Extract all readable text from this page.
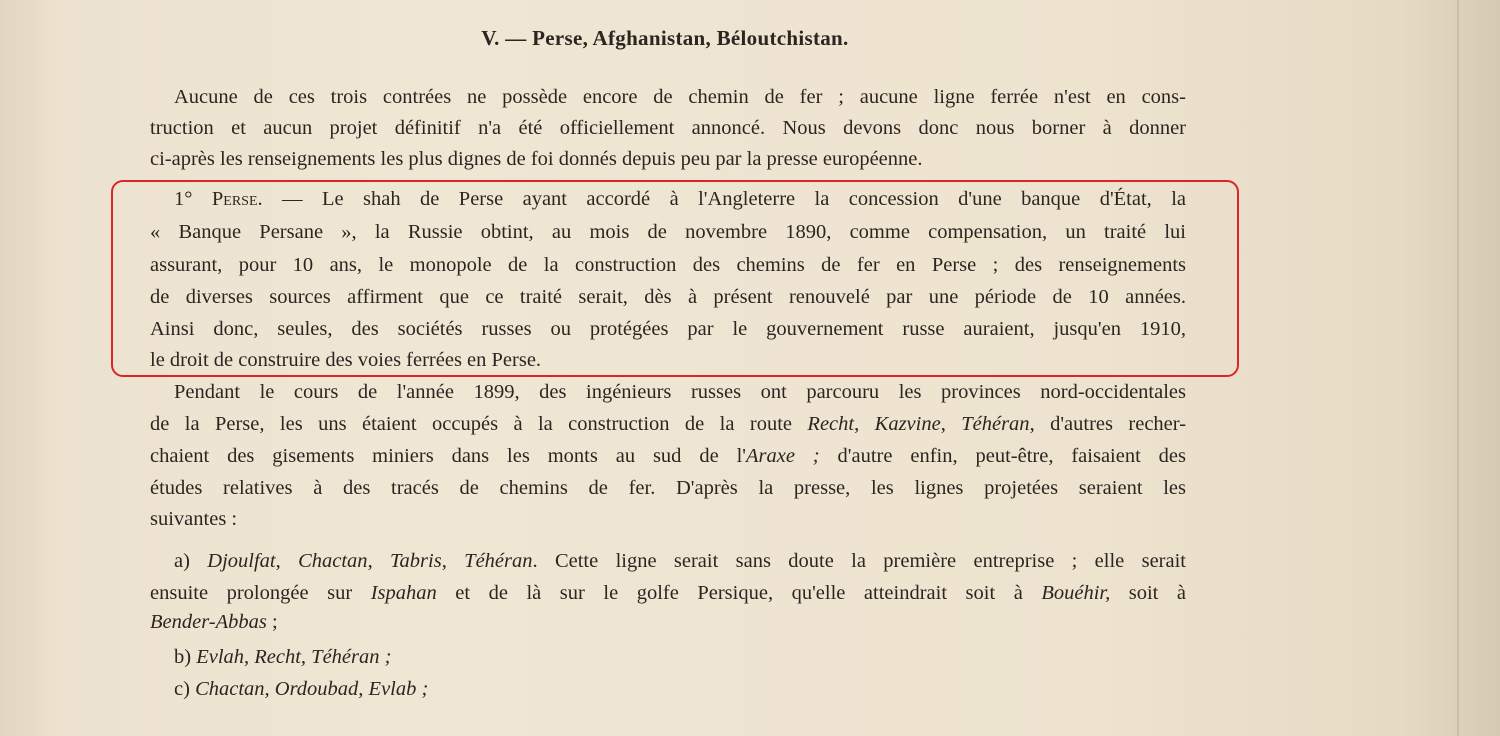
V. — Perse, Afghanistan, Béloutchistan.
Aucune de ces trois contrées ne possède encore de chemin de fer ; aucune ligne ferrée n'est en cons-
truction et aucun projet définitif n'a été officiellement annoncé. Nous devons donc nous borner à donner
ci-après les renseignements les plus dignes de foi donnés depuis peu par la presse européenne.
1° Perse. — Le shah de Perse ayant accordé à l'Angleterre la concession d'une banque d'État, la
« Banque Persane », la Russie obtint, au mois de novembre 1890, comme compensation, un traité lui
assurant, pour 10 ans, le monopole de la construction des chemins de fer en Perse ; des renseignements
de diverses sources affirment que ce traité serait, dès à présent renouvelé par une période de 10 années.
Ainsi donc, seules, des sociétés russes ou protégées par le gouvernement russe auraient, jusqu'en 1910,
le droit de construire des voies ferrées en Perse.
Pendant le cours de l'année 1899, des ingénieurs russes ont parcouru les provinces nord-occidentales
de la Perse, les uns étaient occupés à la construction de la route Recht, Kazvine, Téhéran, d'autres recher-
chaient des gisements miniers dans les monts au sud de l'Araxe ; d'autre enfin, peut-être, faisaient des
études relatives à des tracés de chemins de fer. D'après la presse, les lignes projetées seraient les
suivantes :
a) Djoulfat, Chactan, Tabris, Téhéran. Cette ligne serait sans doute la première entreprise ; elle serait
ensuite prolongée sur Ispahan et de là sur le golfe Persique, qu'elle atteindrait soit à Bouéhir, soit à
Bender-Abbas ;
b) Evlah, Recht, Téhéran ;
c) Chactan, Ordoubad, Evlab ;
